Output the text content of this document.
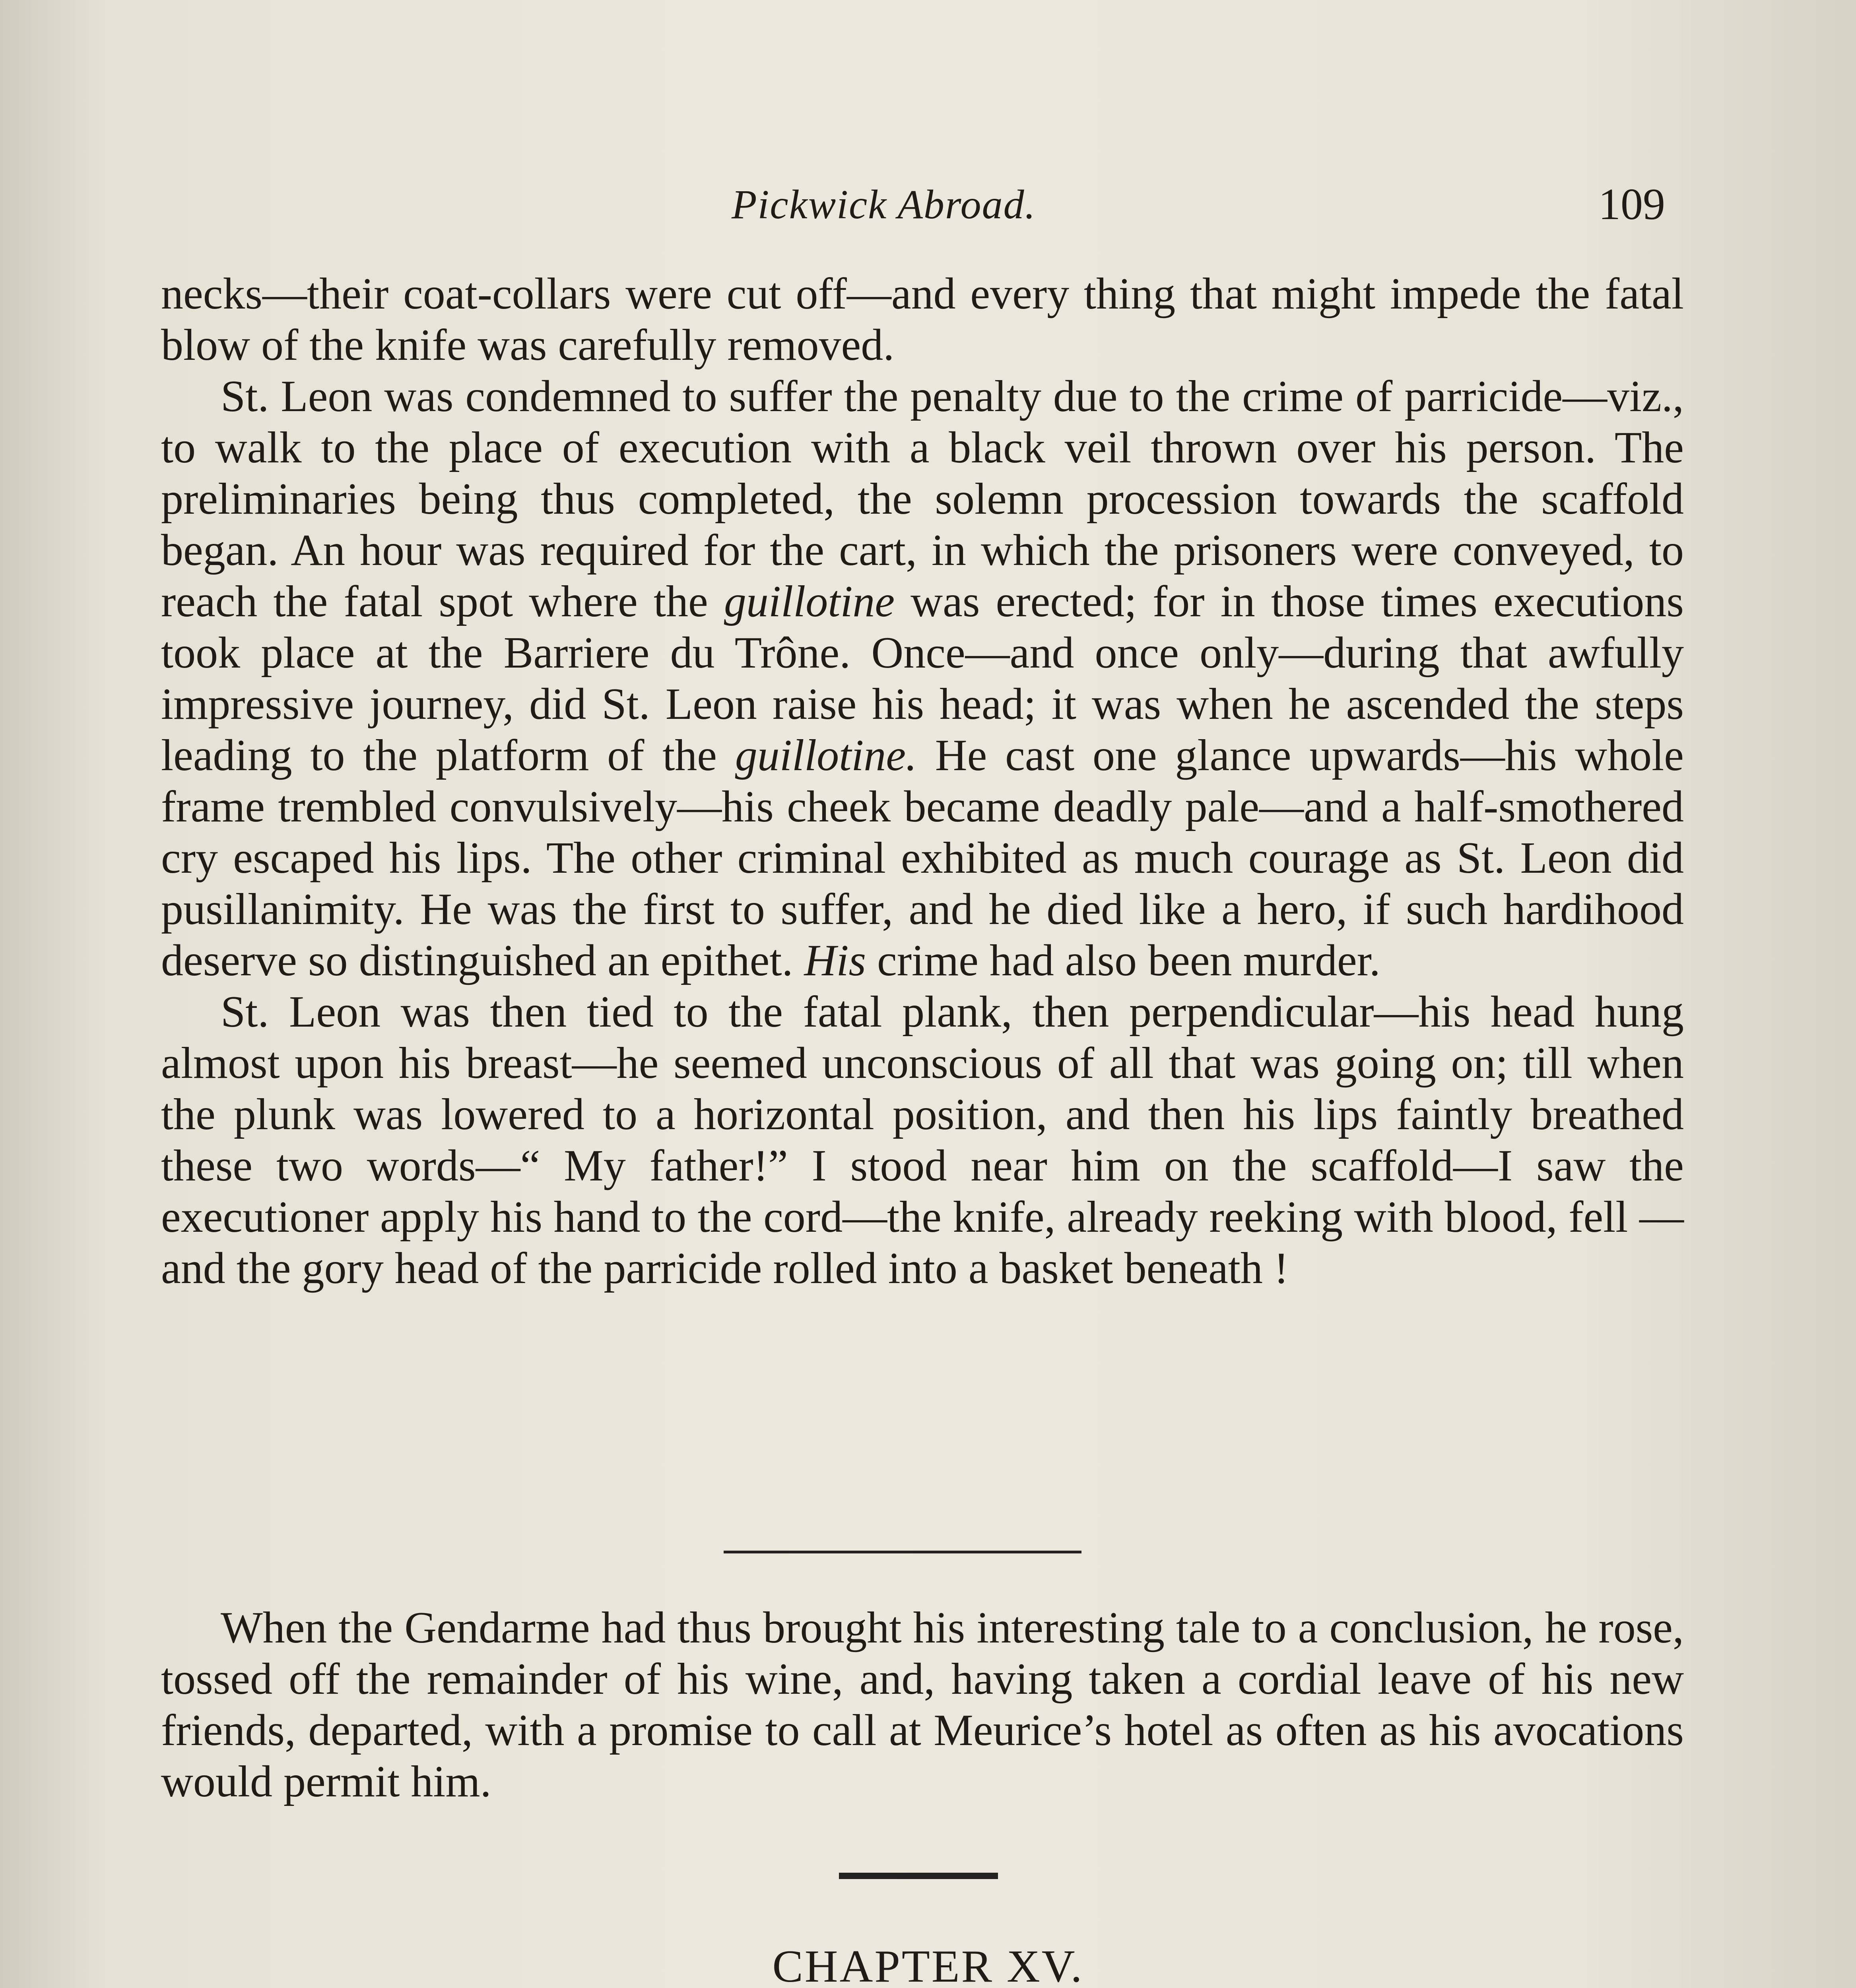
Pickwick Abroad.	109

necks—their coat-collars were cut off—and every thing that might impede the fatal blow of the knife was carefully removed.

St. Leon was condemned to suffer the penalty due to the crime of parricide—viz., to walk to the place of execution with a black veil thrown over his person. The preliminaries being thus completed, the solemn procession towards the scaffold began. An hour was required for the cart, in which the prisoners were conveyed, to reach the fatal spot where the guillotine was erected; for in those times executions took place at the Barriere du Trône. Once—and once only—during that awfully impressive journey, did St. Leon raise his head; it was when he ascended the steps leading to the platform of the guillotine. He cast one glance upwards—his whole frame trembled convulsively—his cheek became deadly pale—and a half-smothered cry escaped his lips. The other criminal exhibited as much courage as St. Leon did pusillanimity. He was the first to suffer, and he died like a hero, if such hardihood deserve so distinguished an epithet. His crime had also been murder.

St. Leon was then tied to the fatal plank, then perpendicular—his head hung almost upon his breast—he seemed unconscious of all that was going on; till when the plunk was lowered to a horizontal position, and then his lips faintly breathed these two words—“ My father!” I stood near him on the scaffold—I saw the executioner apply his hand to the cord—the knife, already reeking with blood, fell —and the gory head of the parricide rolled into a basket beneath !

When the Gendarme had thus brought his interesting tale to a conclusion, he rose, tossed off the remainder of his wine, and, having taken a cordial leave of his new friends, departed, with a promise to call at Meurice’s hotel as often as his avocations would permit him.

CHAPTER XV.
